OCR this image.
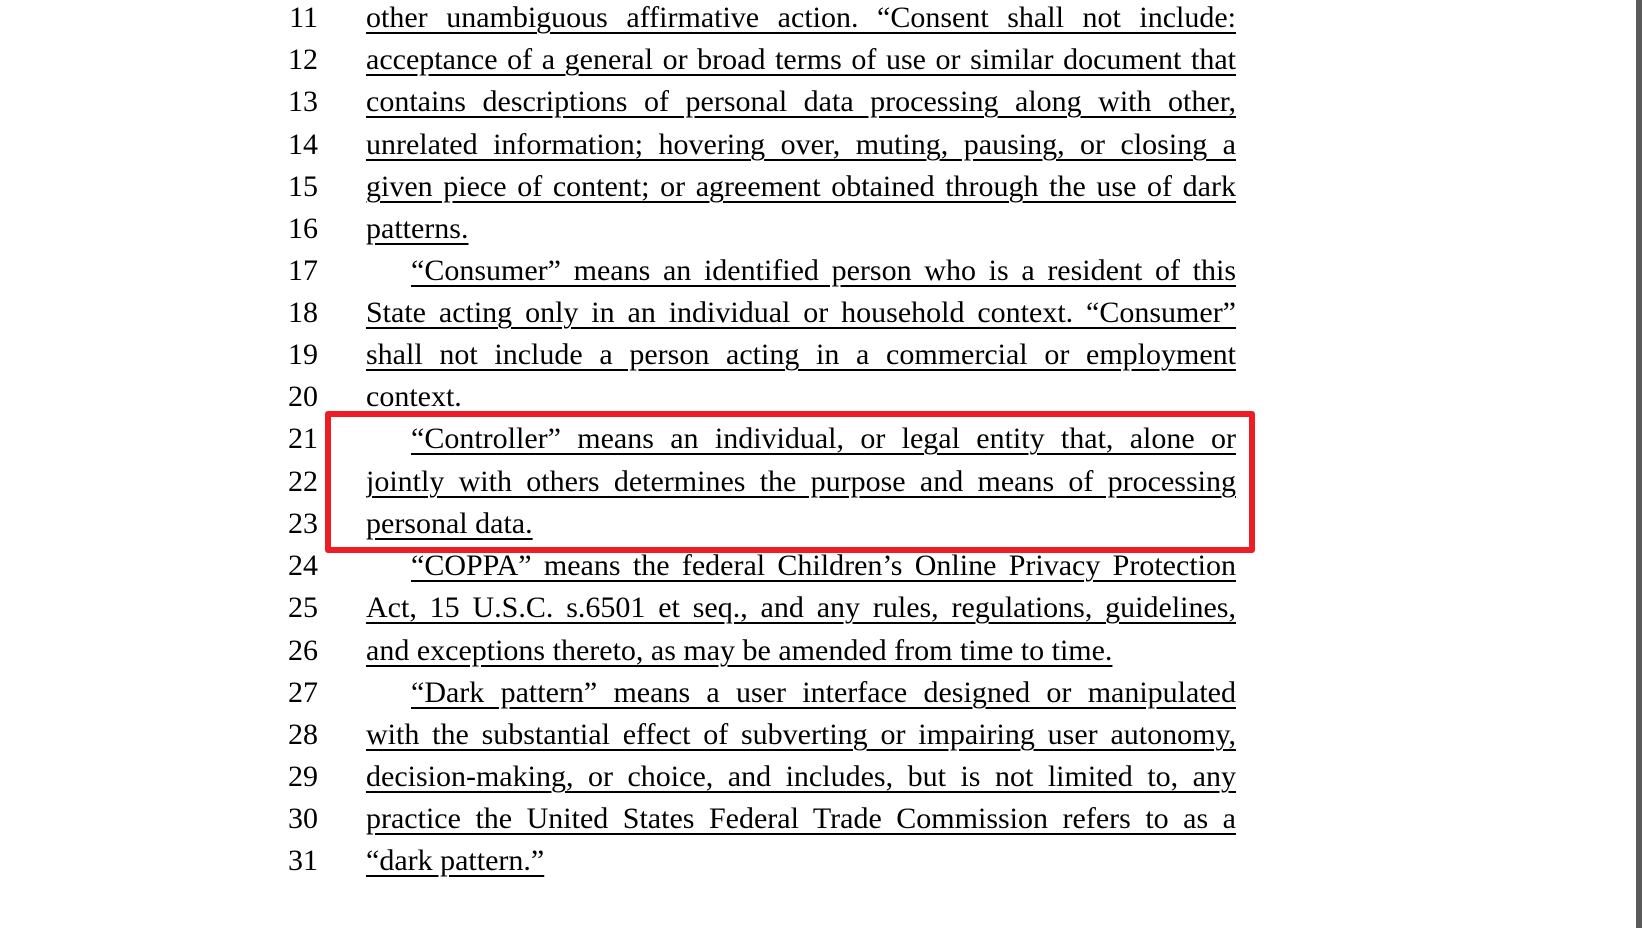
11 other unambiguous affirmative action. “Consent shall not include:
12 acceptance of a general or broad terms of use or similar document that
13 contains descriptions of personal data processing along with other,
14 unrelated information; hovering over, muting, pausing, or closing a
15 given piece of content; or agreement obtained through the use of dark
16 patterns.
17	“Consumer” means an identified person who is a resident of this
18 State acting only in an individual or household context. “Consumer”
19 shall not include a person acting in a commercial or employment
20 context.
21	“Controller” means an individual, or legal entity that, alone or
22 jointly with others determines the purpose and means of processing
23 personal data.
24	“COPPA” means the federal Children’s Online Privacy Protection
25 Act, 15 U.S.C. s.6501 et seq., and any rules, regulations, guidelines,
26 and exceptions thereto, as may be amended from time to time.
27	“Dark pattern” means a user interface designed or manipulated
28 with the substantial effect of subverting or impairing user autonomy,
29 decision-making, or choice, and includes, but is not limited to, any
30 practice the United States Federal Trade Commission refers to as a
31 “dark pattern.”
